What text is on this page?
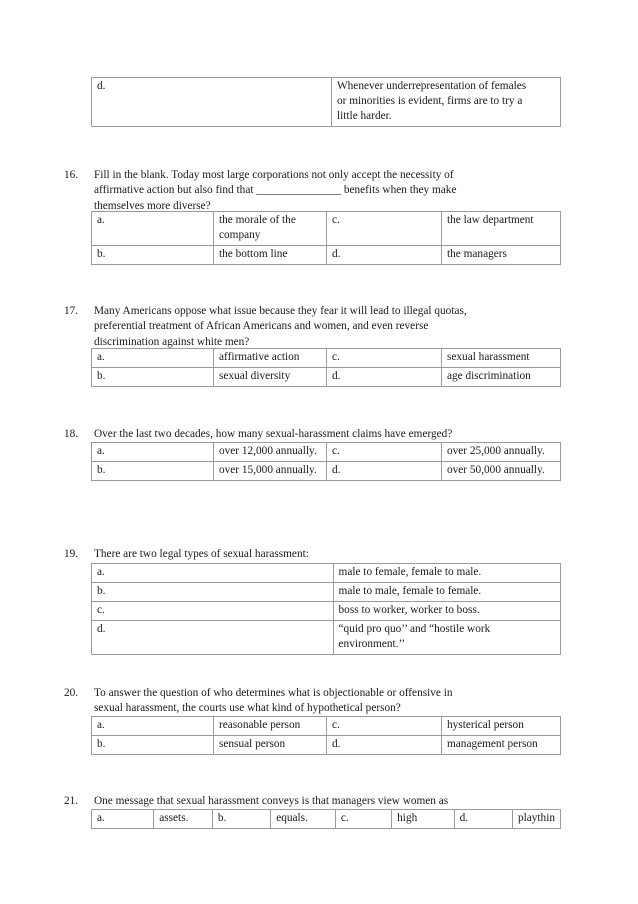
d.	Whenever underrepresentation of females
or minorities is evident, firms are to try a
little harder.
16.	Fill in the blank. Today most large corporations not only accept the necessity of
affirmative action but also find that _______________ benefits when they make
themselves more diverse?
a.	the morale of the company	c.	the law department
b.	the bottom line	d.	the managers
17.	Many Americans oppose what issue because they fear it will lead to illegal quotas,
preferential treatment of African Americans and women, and even reverse
discrimination against white men?
a.	affirmative action	c.	sexual harassment
b.	sexual diversity	d.	age discrimination
18.	Over the last two decades, how many sexual-harassment claims have emerged?
a.	over 12,000 annually.	c.	over 25,000 annually.
b.	over 15,000 annually.	d.	over 50,000 annually.
19.	There are two legal types of sexual harassment:
a.	male to female, female to male.
b.	male to male, female to female.
c.	boss to worker, worker to boss.
d.	“quid pro quo’’ and “hostile work environment.’’
20.	To answer the question of who determines what is objectionable or offensive in
sexual harassment, the courts use what kind of hypothetical person?
a.	reasonable person	c.	hysterical person
b.	sensual person	d.	management person
21.	One message that sexual harassment conveys is that managers view women as
a.	assets.	b.	equals.	c.	high	d.	playthin
